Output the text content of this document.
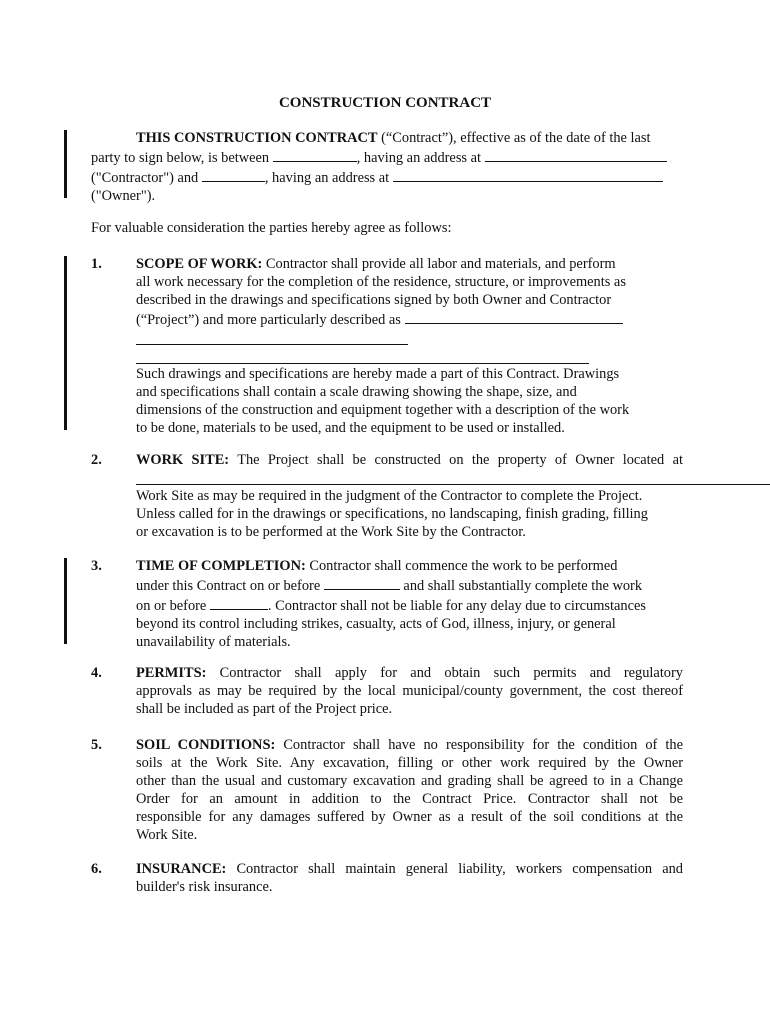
CONSTRUCTION CONTRACT
THIS CONSTRUCTION CONTRACT (“Contract”), effective as of the date of the last
party to sign below, is between	, having an address at
("Contractor") and	, having an address at
("Owner").
For valuable consideration the parties hereby agree as follows:
1. SCOPE OF WORK: Contractor shall provide all labor and materials, and perform
all work necessary for the completion of the residence, structure, or improvements as
described in the drawings and specifications signed by both Owner and Contractor
(“Project”) and more particularly described as
Such drawings and specifications are hereby made a part of this Contract. Drawings
and specifications shall contain a scale drawing showing the shape, size, and
dimensions of the construction and equipment together with a description of the work
to be done, materials to be used, and the equipment to be used or installed.
2. WORK SITE: The Project shall be constructed on the property of Owner located at
Work Site as may be required in the judgment of the Contractor to complete the Project.
Unless called for in the drawings or specifications, no landscaping, finish grading, filling
or excavation is to be performed at the Work Site by the Contractor.
3. TIME OF COMPLETION: Contractor shall commence the work to be performed
under this Contract on or before	and shall substantially complete the work
on or before	. Contractor shall not be liable for any delay due to circumstances
beyond its control including strikes, casualty, acts of God, illness, injury, or general
unavailability of materials.
4. PERMITS: Contractor shall apply for and obtain such permits and regulatory
approvals as may be required by the local municipal/county government, the cost thereof
shall be included as part of the Project price.
5. SOIL CONDITIONS: Contractor shall have no responsibility for the condition of the
soils at the Work Site. Any excavation, filling or other work required by the Owner
other than the usual and customary excavation and grading shall be agreed to in a Change
Order for an amount in addition to the Contract Price. Contractor shall not be
responsible for any damages suffered by Owner as a result of the soil conditions at the
Work Site.
6. INSURANCE: Contractor shall maintain general liability, workers compensation and
builder's risk insurance.
